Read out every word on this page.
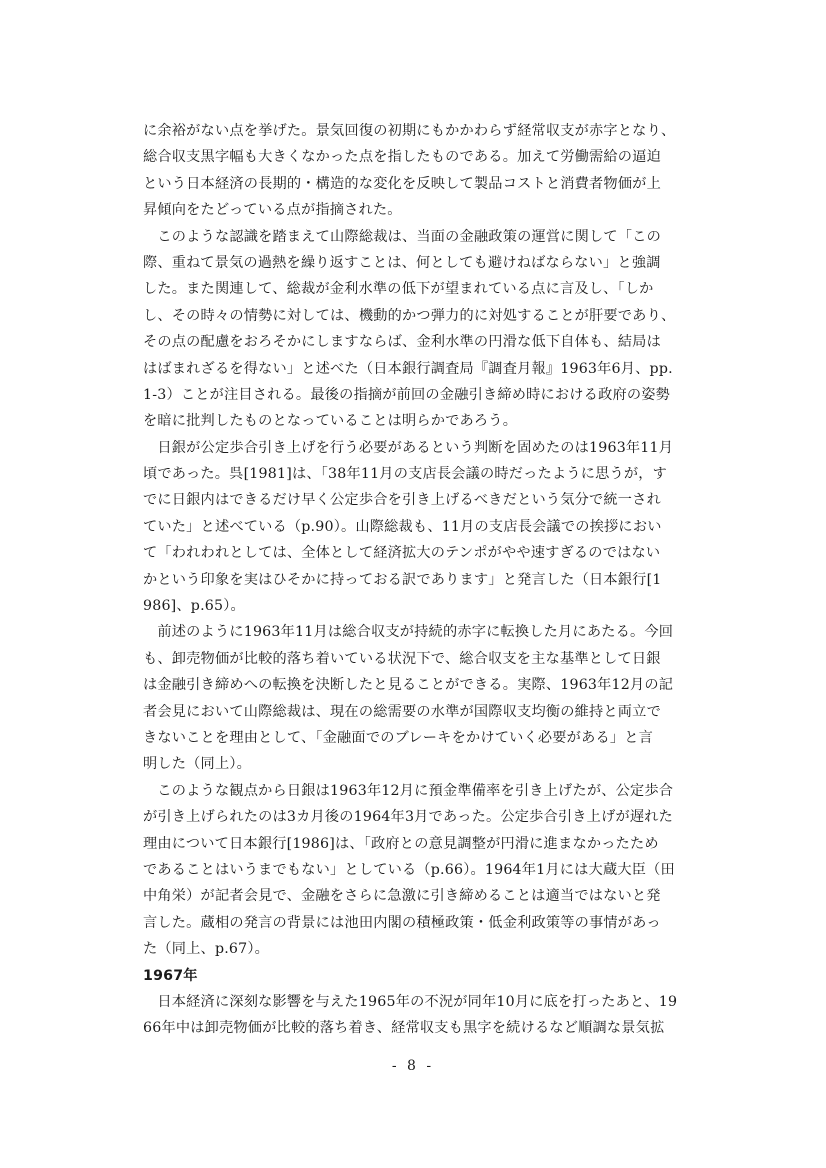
に余裕がない点を挙げた。景気回復の初期にもかかわらず経常収支が赤字となり、
総合収支黒字幅も大きくなかった点を指したものである。加えて労働需給の逼迫
という日本経済の長期的・構造的な変化を反映して製品コストと消費者物価が上
昇傾向をたどっている点が指摘された。
　このような認識を踏まえて山際総裁は、当面の金融政策の運営に関して「この
際、重ねて景気の過熱を繰り返すことは、何としても避けねばならない」と強調
した。また関連して、総裁が金利水準の低下が望まれている点に言及し、「しか
し、その時々の情勢に対しては、機動的かつ弾力的に対処することが肝要であり、
その点の配慮をおろそかにしますならば、金利水準の円滑な低下自体も、結局は
はばまれざるを得ない」と述べた（日本銀行調査局『調査月報』1963年6月、pp.
1-3）ことが注目される。最後の指摘が前回の金融引き締め時における政府の姿勢
を暗に批判したものとなっていることは明らかであろう。
　日銀が公定歩合引き上げを行う必要があるという判断を固めたのは1963年11月
頃であった。呉[1981]は、「38年11月の支店長会議の時だったように思うが，す
でに日銀内はできるだけ早く公定歩合を引き上げるべきだという気分で統一され
ていた」と述べている（p.90）。山際総裁も、11月の支店長会議での挨拶におい
て「われわれとしては、全体として経済拡大のテンポがやや速すぎるのではない
かという印象を実はひそかに持っておる訳であります」と発言した（日本銀行[1
986]、p.65）。
　前述のように1963年11月は総合収支が持続的赤字に転換した月にあたる。今回
も、卸売物価が比較的落ち着いている状況下で、総合収支を主な基準として日銀
は金融引き締めへの転換を決断したと見ることができる。実際、1963年12月の記
者会見において山際総裁は、現在の総需要の水準が国際収支均衡の維持と両立で
きないことを理由として、「金融面でのブレーキをかけていく必要がある」と言
明した（同上）。
　このような観点から日銀は1963年12月に預金準備率を引き上げたが、公定歩合
が引き上げられたのは3カ月後の1964年3月であった。公定歩合引き上げが遅れた
理由について日本銀行[1986]は、「政府との意見調整が円滑に進まなかったため
であることはいうまでもない」としている（p.66）。1964年1月には大蔵大臣（田
中角栄）が記者会見で、金融をさらに急激に引き締めることは適当ではないと発
言した。蔵相の発言の背景には池田内閣の積極政策・低金利政策等の事情があっ
た（同上、p.67）。
1967年
　日本経済に深刻な影響を与えた1965年の不況が同年10月に底を打ったあと、19
66年中は卸売物価が比較的落ち着き、経常収支も黒字を続けるなど順調な景気拡
- 8 -
